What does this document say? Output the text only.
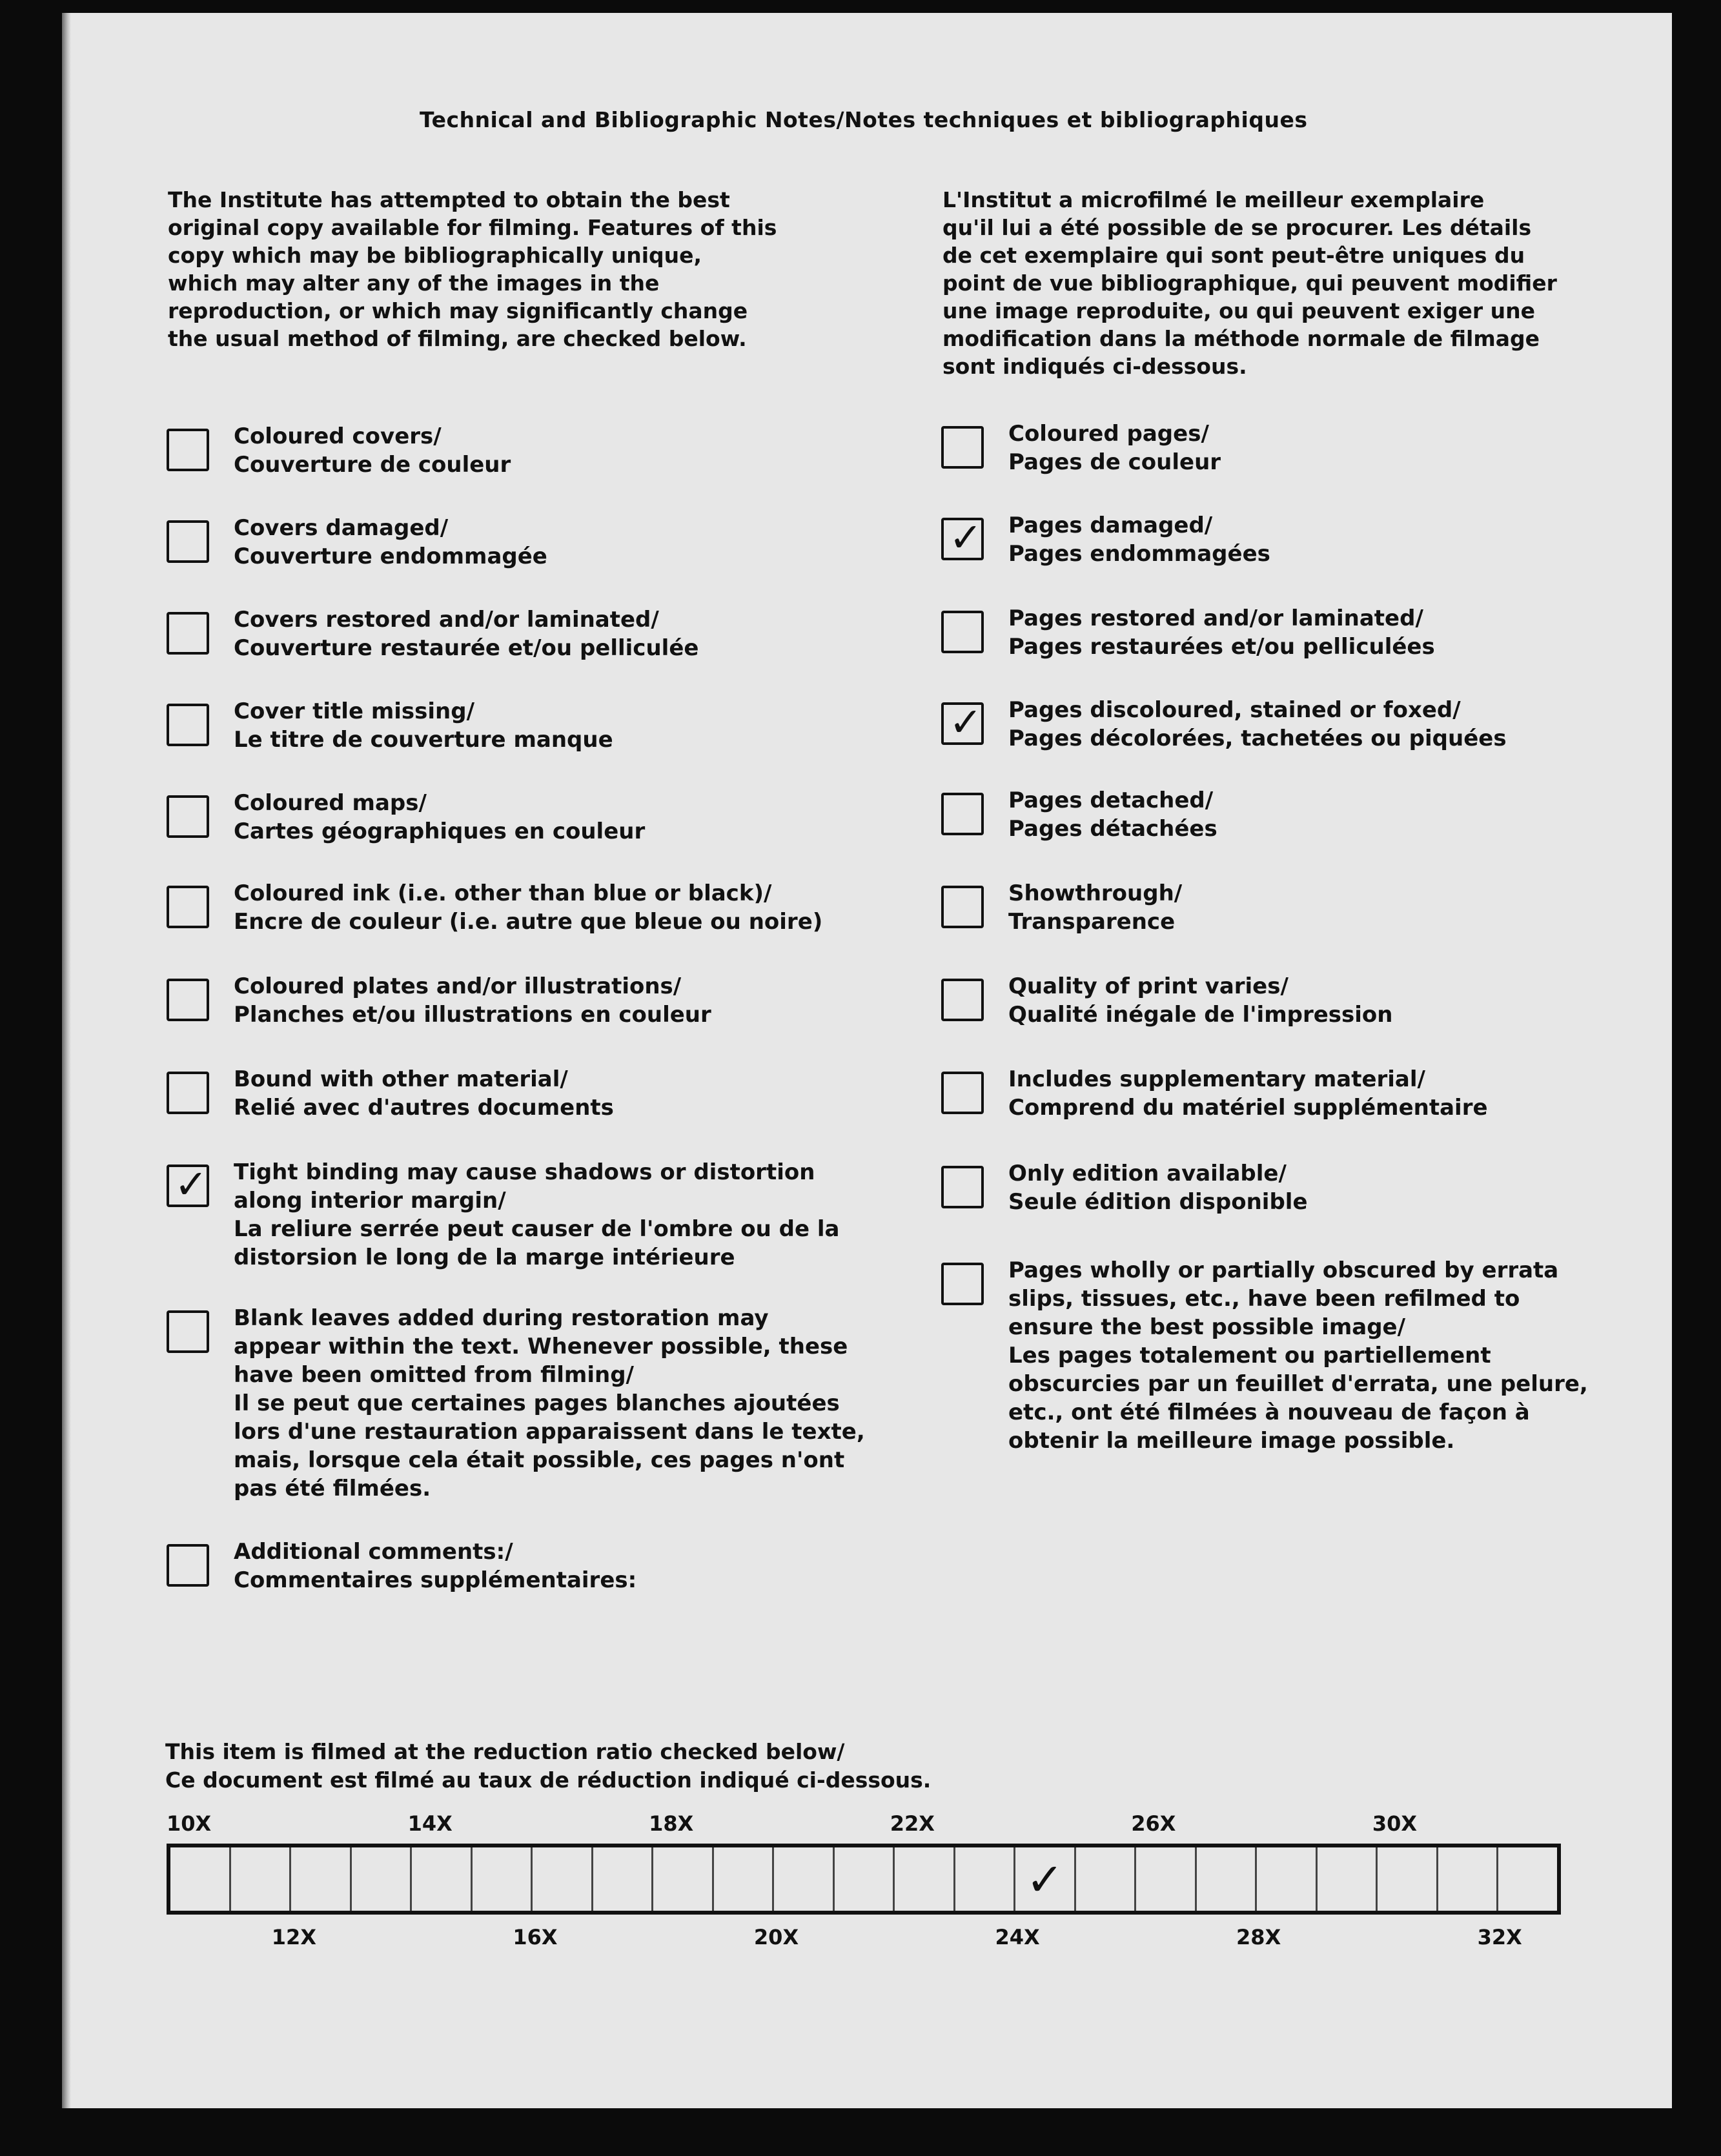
Technical and Bibliographic Notes/Notes techniques et bibliographiques
The Institute has attempted to obtain the best
original copy available for filming. Features of this
copy which may be bibliographically unique,
which may alter any of the images in the
reproduction, or which may significantly change
the usual method of filming, are checked below.
L'Institut a microfilmé le meilleur exemplaire
qu'il lui a été possible de se procurer. Les détails
de cet exemplaire qui sont peut-être uniques du
point de vue bibliographique, qui peuvent modifier
une image reproduite, ou qui peuvent exiger une
modification dans la méthode normale de filmage
sont indiqués ci-dessous.
Coloured covers/
Couverture de couleur
Covers damaged/
Couverture endommagée
Covers restored and/or laminated/
Couverture restaurée et/ou pelliculée
Cover title missing/
Le titre de couverture manque
Coloured maps/
Cartes géographiques en couleur
Coloured ink (i.e. other than blue or black)/
Encre de couleur (i.e. autre que bleue ou noire)
Coloured plates and/or illustrations/
Planches et/ou illustrations en couleur
Bound with other material/
Relié avec d'autres documents
✓ Tight binding may cause shadows or distortion
along interior margin/
La reliure serrée peut causer de l'ombre ou de la
distorsion le long de la marge intérieure
Blank leaves added during restoration may
appear within the text. Whenever possible, these
have been omitted from filming/
Il se peut que certaines pages blanches ajoutées
lors d'une restauration apparaissent dans le texte,
mais, lorsque cela était possible, ces pages n'ont
pas été filmées.
Additional comments:/
Commentaires supplémentaires:
Coloured pages/
Pages de couleur
✓ Pages damaged/
Pages endommagées
Pages restored and/or laminated/
Pages restaurées et/ou pelliculées
✓ Pages discoloured, stained or foxed/
Pages décolorées, tachetées ou piquées
Pages detached/
Pages détachées
Showthrough/
Transparence
Quality of print varies/
Qualité inégale de l'impression
Includes supplementary material/
Comprend du matériel supplémentaire
Only edition available/
Seule édition disponible
Pages wholly or partially obscured by errata
slips, tissues, etc., have been refilmed to
ensure the best possible image/
Les pages totalement ou partiellement
obscurcies par un feuillet d'errata, une pelure,
etc., ont été filmées à nouveau de façon à
obtenir la meilleure image possible.
This item is filmed at the reduction ratio checked below/
Ce document est filmé au taux de réduction indiqué ci-dessous.
10X	14X	18X	22X	26X	30X
✓
12X	16X	20X	24X	28X	32X
